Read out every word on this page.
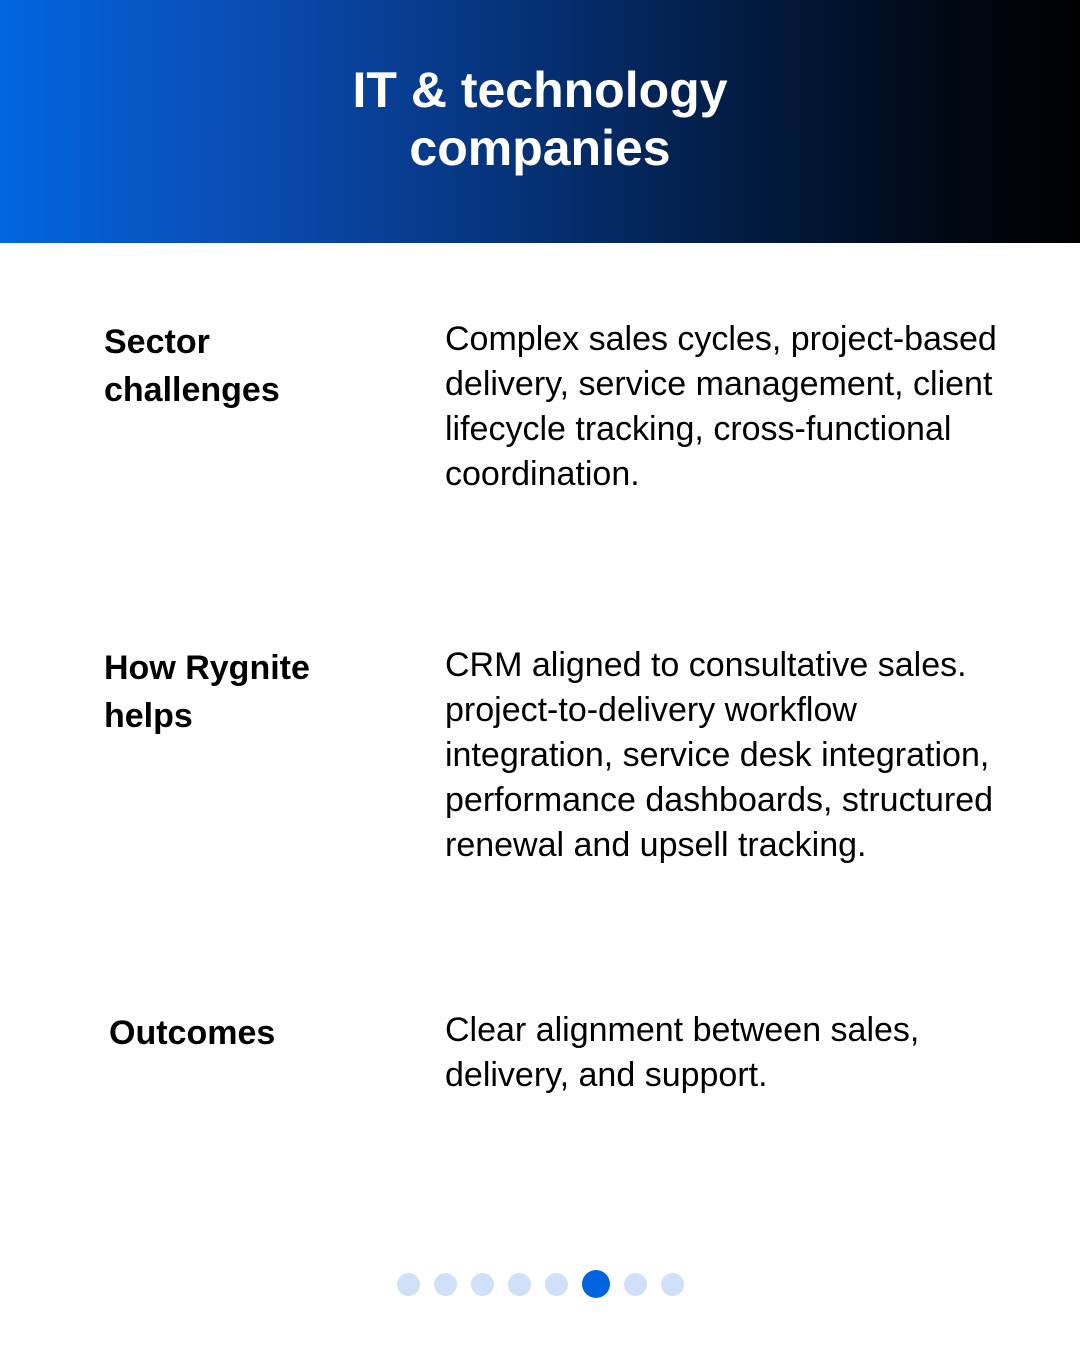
IT & technology
companies

Sector challenges

Complex sales cycles, project-based delivery, service management, client lifecycle tracking, cross-functional coordination.

How Rygnite helps

CRM aligned to consultative sales. project-to-delivery workflow integration, service desk integration, performance dashboards, structured renewal and upsell tracking.

Outcomes	Clear alignment between sales, delivery, and support.
